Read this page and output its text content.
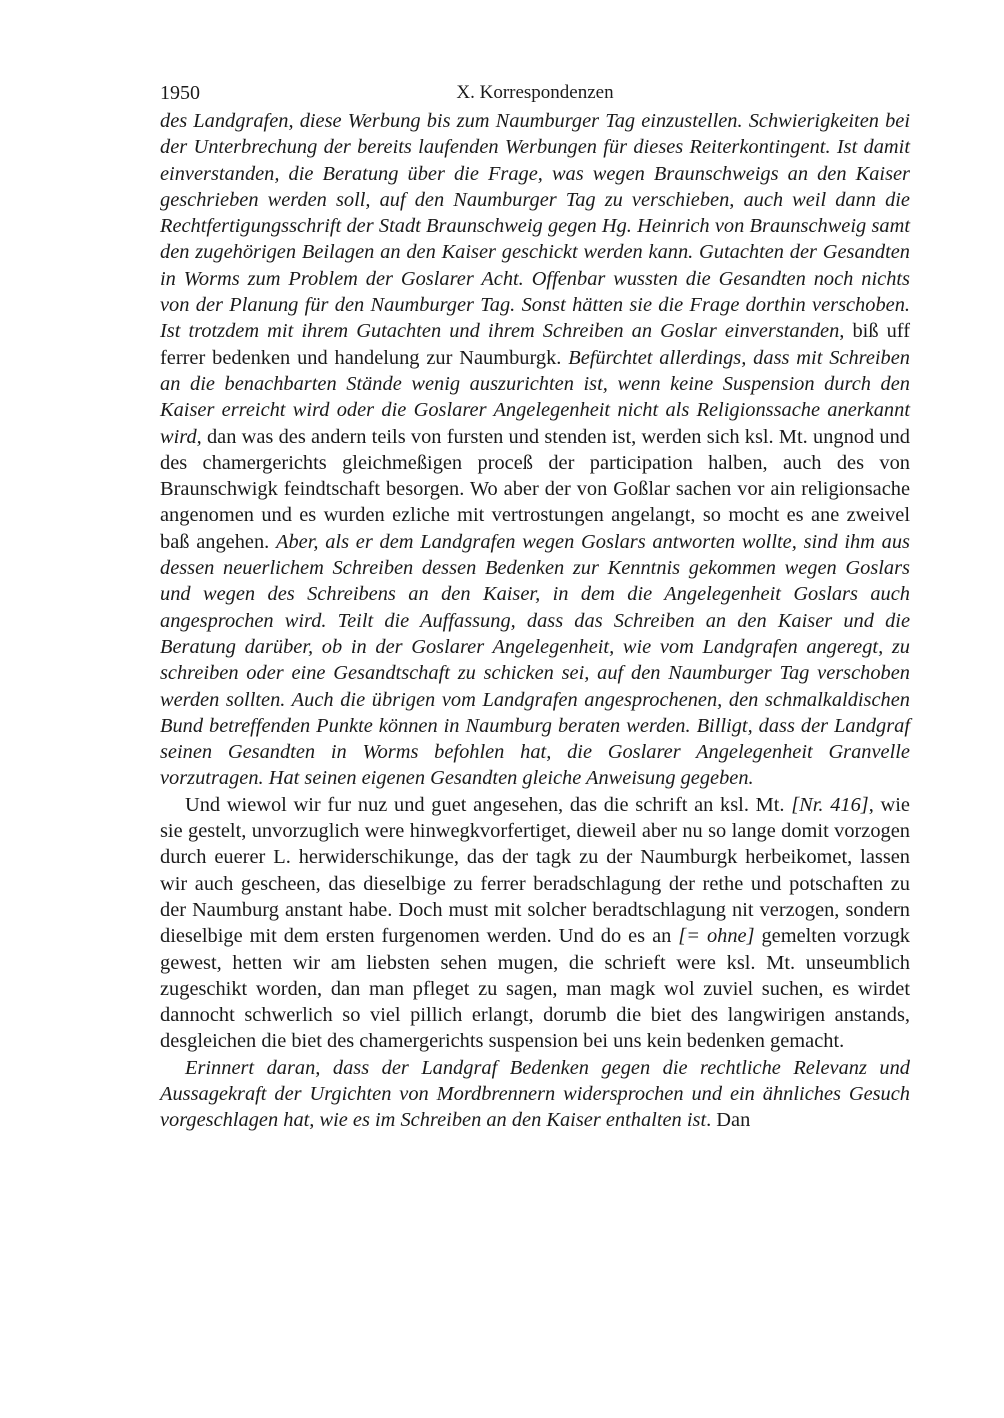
1950	X. Korrespondenzen

des Landgrafen, diese Werbung bis zum Naumburger Tag einzustellen. Schwierigkeiten bei der Unterbrechung der bereits laufenden Werbungen für dieses Reiterkontingent. Ist damit einverstanden, die Beratung über die Frage, was wegen Braunschweigs an den Kaiser geschrieben werden soll, auf den Naumburger Tag zu verschieben, auch weil dann die Rechtfertigungsschrift der Stadt Braunschweig gegen Hg. Heinrich von Braunschweig samt den zugehörigen Beilagen an den Kaiser geschickt werden kann. Gutachten der Gesandten in Worms zum Problem der Goslarer Acht. Offenbar wussten die Gesandten noch nichts von der Planung für den Naumburger Tag. Sonst hätten sie die Frage dorthin verschoben. Ist trotzdem mit ihrem Gutachten und ihrem Schreiben an Goslar einverstanden, biß uff ferrer bedenken und handelung zur Naumburgk. Befürchtet allerdings, dass mit Schreiben an die benachbarten Stände wenig auszurichten ist, wenn keine Suspension durch den Kaiser erreicht wird oder die Goslarer Angelegenheit nicht als Religionssache anerkannt wird, dan was des andern teils von fursten und stenden ist, werden sich ksl. Mt. ungnod und des chamergerichts gleichmeßigen proceß der participation halben, auch des von Braunschwigk feindtschaft besorgen. Wo aber der von Goßlar sachen vor ain religionsache angenomen und es wurden ezliche mit vertrostungen angelangt, so mocht es ane zweivel baß angehen. Aber, als er dem Landgrafen wegen Goslars antworten wollte, sind ihm aus dessen neuerlichem Schreiben dessen Bedenken zur Kenntnis gekommen wegen Goslars und wegen des Schreibens an den Kaiser, in dem die Angelegenheit Goslars auch angesprochen wird. Teilt die Auffassung, dass das Schreiben an den Kaiser und die Beratung darüber, ob in der Goslarer Angelegenheit, wie vom Landgrafen angeregt, zu schreiben oder eine Gesandtschaft zu schicken sei, auf den Naumburger Tag verschoben werden sollten. Auch die übrigen vom Landgrafen angesprochenen, den schmalkaldischen Bund betreffenden Punkte können in Naumburg beraten werden. Billigt, dass der Landgraf seinen Gesandten in Worms befohlen hat, die Goslarer Angelegenheit Granvelle vorzutragen. Hat seinen eigenen Gesandten gleiche Anweisung gegeben.

Und wiewol wir fur nuz und guet angesehen, das die schrift an ksl. Mt. [Nr. 416], wie sie gestelt, unvorzuglich were hinwegkvorfertiget, dieweil aber nu so lange domit vorzogen durch euerer L. herwiderschikunge, das der tagk zu der Naumburgk herbeikomet, lassen wir auch gescheen, das dieselbige zu ferrer beradschlagung der rethe und potschaften zu der Naumburg anstant habe. Doch must mit solcher beradtschlagung nit verzogen, sondern dieselbige mit dem ersten furgenomen werden. Und do es an [= ohne] gemelten vorzugk gewest, hetten wir am liebsten sehen mugen, die schrieft were ksl. Mt. unseumblich zugeschikt worden, dan man pfleget zu sagen, man magk wol zuviel suchen, es wirdet dannocht schwerlich so viel pillich erlangt, dorumb die biet des langwirigen anstands, desgleichen die biet des chamergerichts suspension bei uns kein bedenken gemacht.

Erinnert daran, dass der Landgraf Bedenken gegen die rechtliche Relevanz und Aussagekraft der Urgichten von Mordbrennern widersprochen und ein ähnliches Gesuch vorgeschlagen hat, wie es im Schreiben an den Kaiser enthalten ist. Dan
